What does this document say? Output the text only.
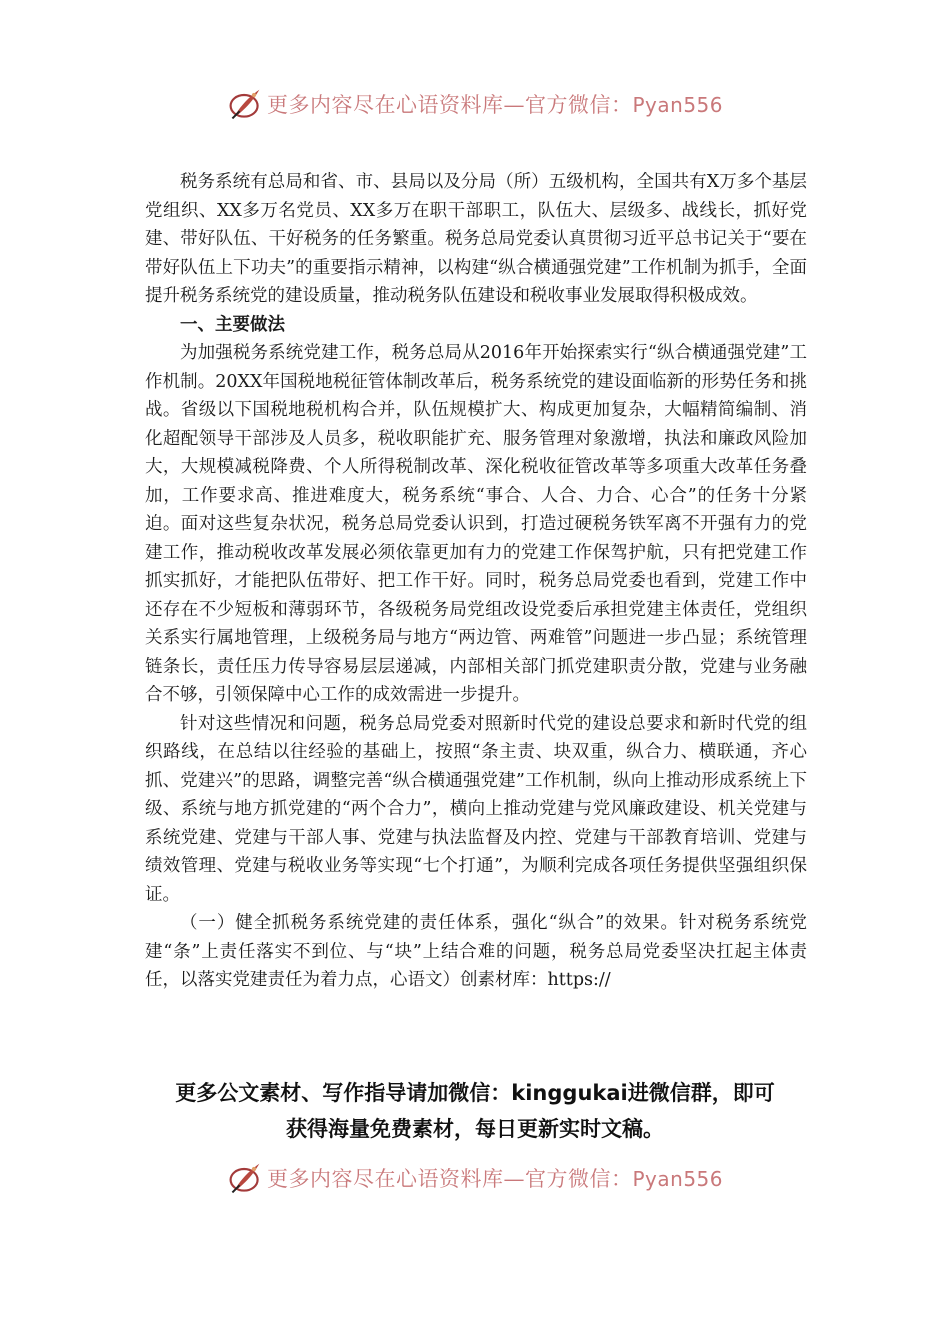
更多内容尽在心语资料库—官方微信：Pyan556

税务系统有总局和省、市、县局以及分局（所）五级机构，全国共有X万多个基层党组织、XX多万名党员、XX多万在职干部职工，队伍大、层级多、战线长，抓好党建、带好队伍、干好税务的任务繁重。税务总局党委认真贯彻习近平总书记关于“要在带好队伍上下功夫”的重要指示精神，以构建“纵合横通强党建”工作机制为抓手，全面提升税务系统党的建设质量，推动税务队伍建设和税收事业发展取得积极成效。

一、主要做法

为加强税务系统党建工作，税务总局从2016年开始探索实行“纵合横通强党建”工作机制。20XX年国税地税征管体制改革后，税务系统党的建设面临新的形势任务和挑战。省级以下国税地税机构合并，队伍规模扩大、构成更加复杂，大幅精简编制、消化超配领导干部涉及人员多，税收职能扩充、服务管理对象激增，执法和廉政风险加大，大规模减税降费、个人所得税制改革、深化税收征管改革等多项重大改革任务叠加，工作要求高、推进难度大，税务系统“事合、人合、力合、心合”的任务十分紧迫。面对这些复杂状况，税务总局党委认识到，打造过硬税务铁军离不开强有力的党建工作，推动税收改革发展必须依靠更加有力的党建工作保驾护航，只有把党建工作抓实抓好，才能把队伍带好、把工作干好。同时，税务总局党委也看到，党建工作中还存在不少短板和薄弱环节，各级税务局党组改设党委后承担党建主体责任，党组织关系实行属地管理，上级税务局与地方“两边管、两难管”问题进一步凸显；系统管理链条长，责任压力传导容易层层递减，内部相关部门抓党建职责分散，党建与业务融合不够，引领保障中心工作的成效需进一步提升。

针对这些情况和问题，税务总局党委对照新时代党的建设总要求和新时代党的组织路线，在总结以往经验的基础上，按照“条主责、块双重，纵合力、横联通，齐心抓、党建兴”的思路，调整完善“纵合横通强党建”工作机制，纵向上推动形成系统上下级、系统与地方抓党建的“两个合力”，横向上推动党建与党风廉政建设、机关党建与系统党建、党建与干部人事、党建与执法监督及内控、党建与干部教育培训、党建与绩效管理、党建与税收业务等实现“七个打通”，为顺利完成各项任务提供坚强组织保证。

（一）健全抓税务系统党建的责任体系，强化“纵合”的效果。针对税务系统党建“条”上责任落实不到位、与“块”上结合难的问题，税务总局党委坚决扛起主体责任，以落实党建责任为着力点，心语文）创素材库：https://

更多公文素材、写作指导请加微信：kinggukai进微信群，即可
获得海量免费素材，每日更新实时文稿。
更多内容尽在心语资料库—官方微信：Pyan556
